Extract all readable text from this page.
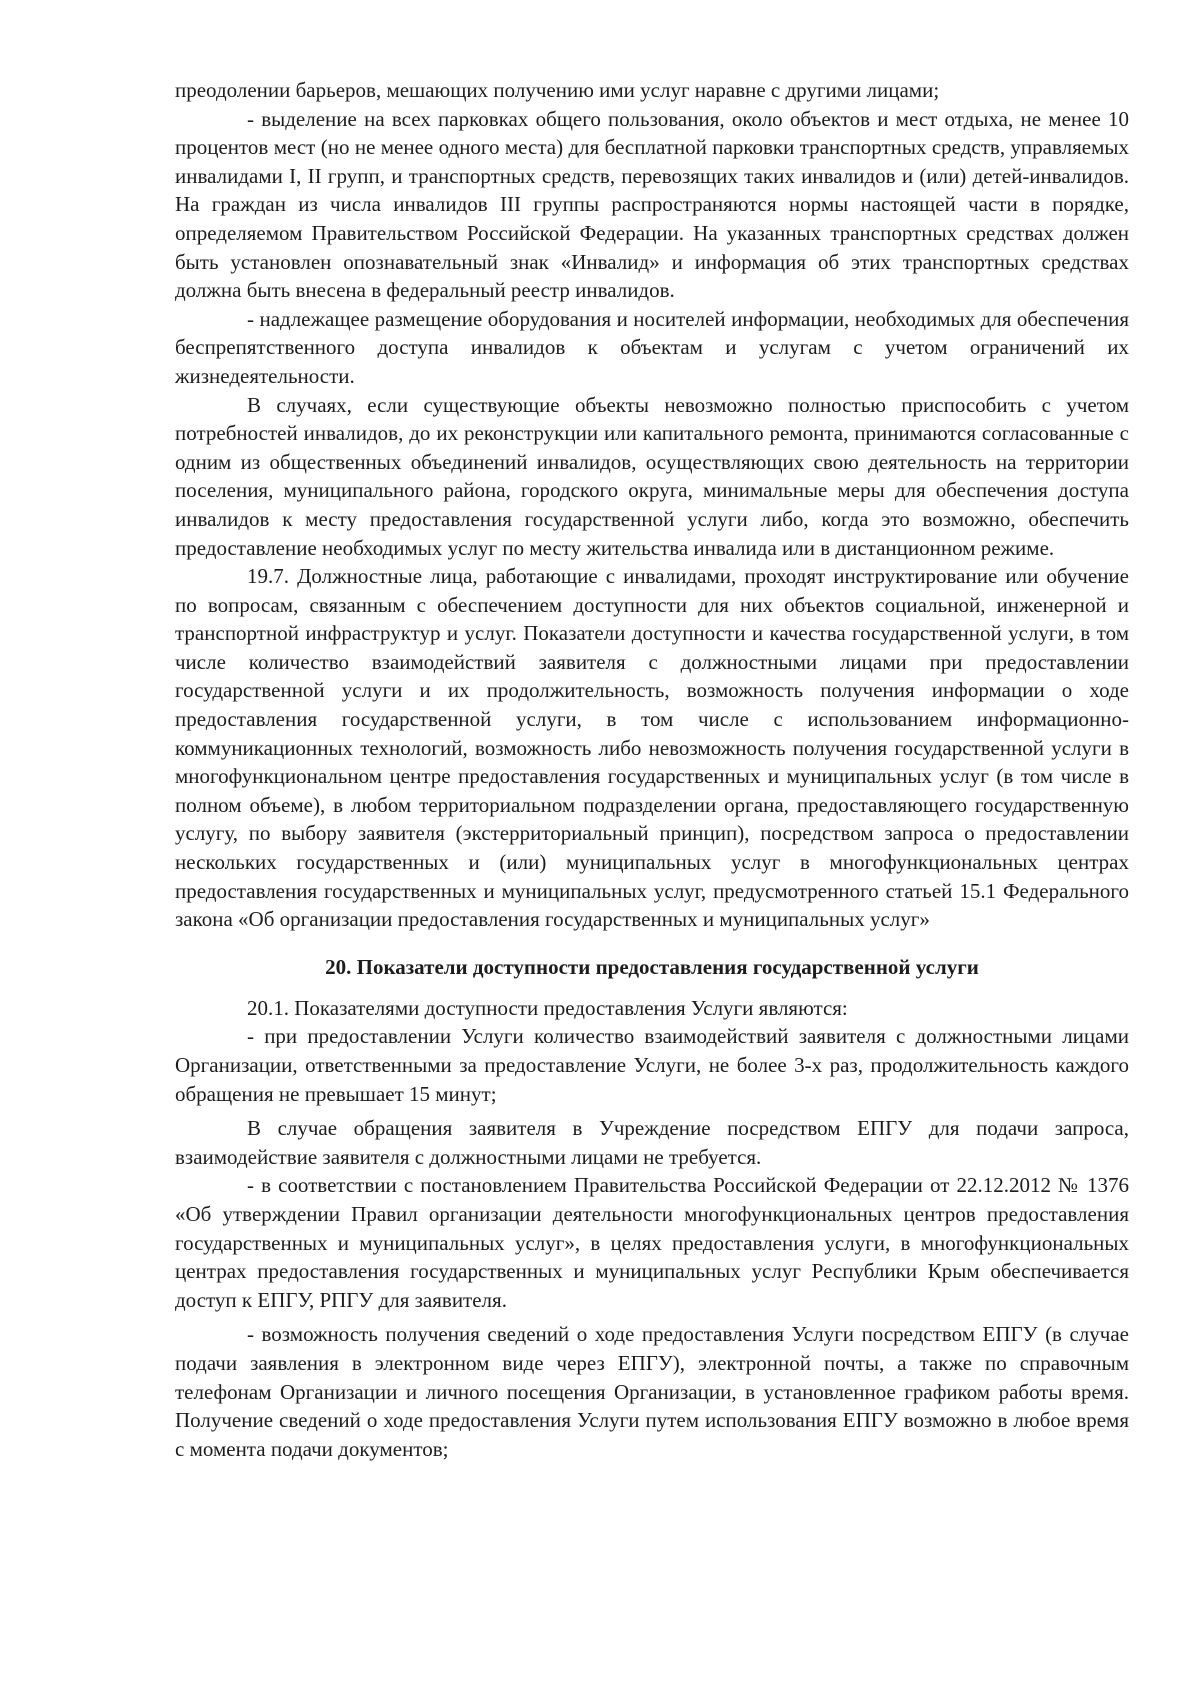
преодолении барьеров, мешающих получению ими услуг наравне с другими лицами;

- выделение на всех парковках общего пользования, около объектов и мест отдыха, не менее 10 процентов мест (но не менее одного места) для бесплатной парковки транспортных средств, управляемых инвалидами I, II групп, и транспортных средств, перевозящих таких инвалидов и (или) детей-инвалидов. На граждан из числа инвалидов III группы распространяются нормы настоящей части в порядке, определяемом Правительством Российской Федерации. На указанных транспортных средствах должен быть установлен опознавательный знак «Инвалид» и информация об этих транспортных средствах должна быть внесена в федеральный реестр инвалидов.

- надлежащее размещение оборудования и носителей информации, необходимых для обеспечения беспрепятственного доступа инвалидов к объектам и услугам с учетом ограничений их жизнедеятельности.

В случаях, если существующие объекты невозможно полностью приспособить с учетом потребностей инвалидов, до их реконструкции или капитального ремонта, принимаются согласованные с одним из общественных объединений инвалидов, осуществляющих свою деятельность на территории поселения, муниципального района, городского округа, минимальные меры для обеспечения доступа инвалидов к месту предоставления государственной услуги либо, когда это возможно, обеспечить предоставление необходимых услуг по месту жительства инвалида или в дистанционном режиме.

19.7. Должностные лица, работающие с инвалидами, проходят инструктирование или обучение по вопросам, связанным с обеспечением доступности для них объектов социальной, инженерной и транспортной инфраструктур и услуг. Показатели доступности и качества государственной услуги, в том числе количество взаимодействий заявителя с должностными лицами при предоставлении государственной услуги и их продолжительность, возможность получения информации о ходе предоставления государственной услуги, в том числе с использованием информационно- коммуникационных технологий, возможность либо невозможность получения государственной услуги в многофункциональном центре предоставления государственных и муниципальных услуг (в том числе в полном объеме), в любом территориальном подразделении органа, предоставляющего государственную услугу, по выбору заявителя (экстерриториальный принцип), посредством запроса о предоставлении нескольких государственных и (или) муниципальных услуг в многофункциональных центрах предоставления государственных и муниципальных услуг, предусмотренного статьей 15.1 Федерального закона «Об организации предоставления государственных и муниципальных услуг»

20. Показатели доступности предоставления государственной услуги

20.1. Показателями доступности предоставления Услуги являются:

- при предоставлении Услуги количество взаимодействий заявителя с должностными лицами Организации, ответственными за предоставление Услуги, не более 3-х раз, продолжительность каждого обращения не превышает 15 минут;

В случае обращения заявителя в Учреждение посредством ЕПГУ для подачи запроса, взаимодействие заявителя с должностными лицами не требуется.

- в соответствии с постановлением Правительства Российской Федерации от 22.12.2012 № 1376 «Об утверждении Правил организации деятельности многофункциональных центров предоставления государственных и муниципальных услуг», в целях предоставления услуги, в многофункциональных центрах предоставления государственных и муниципальных услуг Республики Крым обеспечивается доступ к ЕПГУ, РПГУ для заявителя.

- возможность получения сведений о ходе предоставления Услуги посредством ЕПГУ (в случае подачи заявления в электронном виде через ЕПГУ), электронной почты, а также по справочным телефонам Организации и личного посещения Организации, в установленное графиком работы время. Получение сведений о ходе предоставления Услуги путем использования ЕПГУ возможно в любое время с момента подачи документов;
